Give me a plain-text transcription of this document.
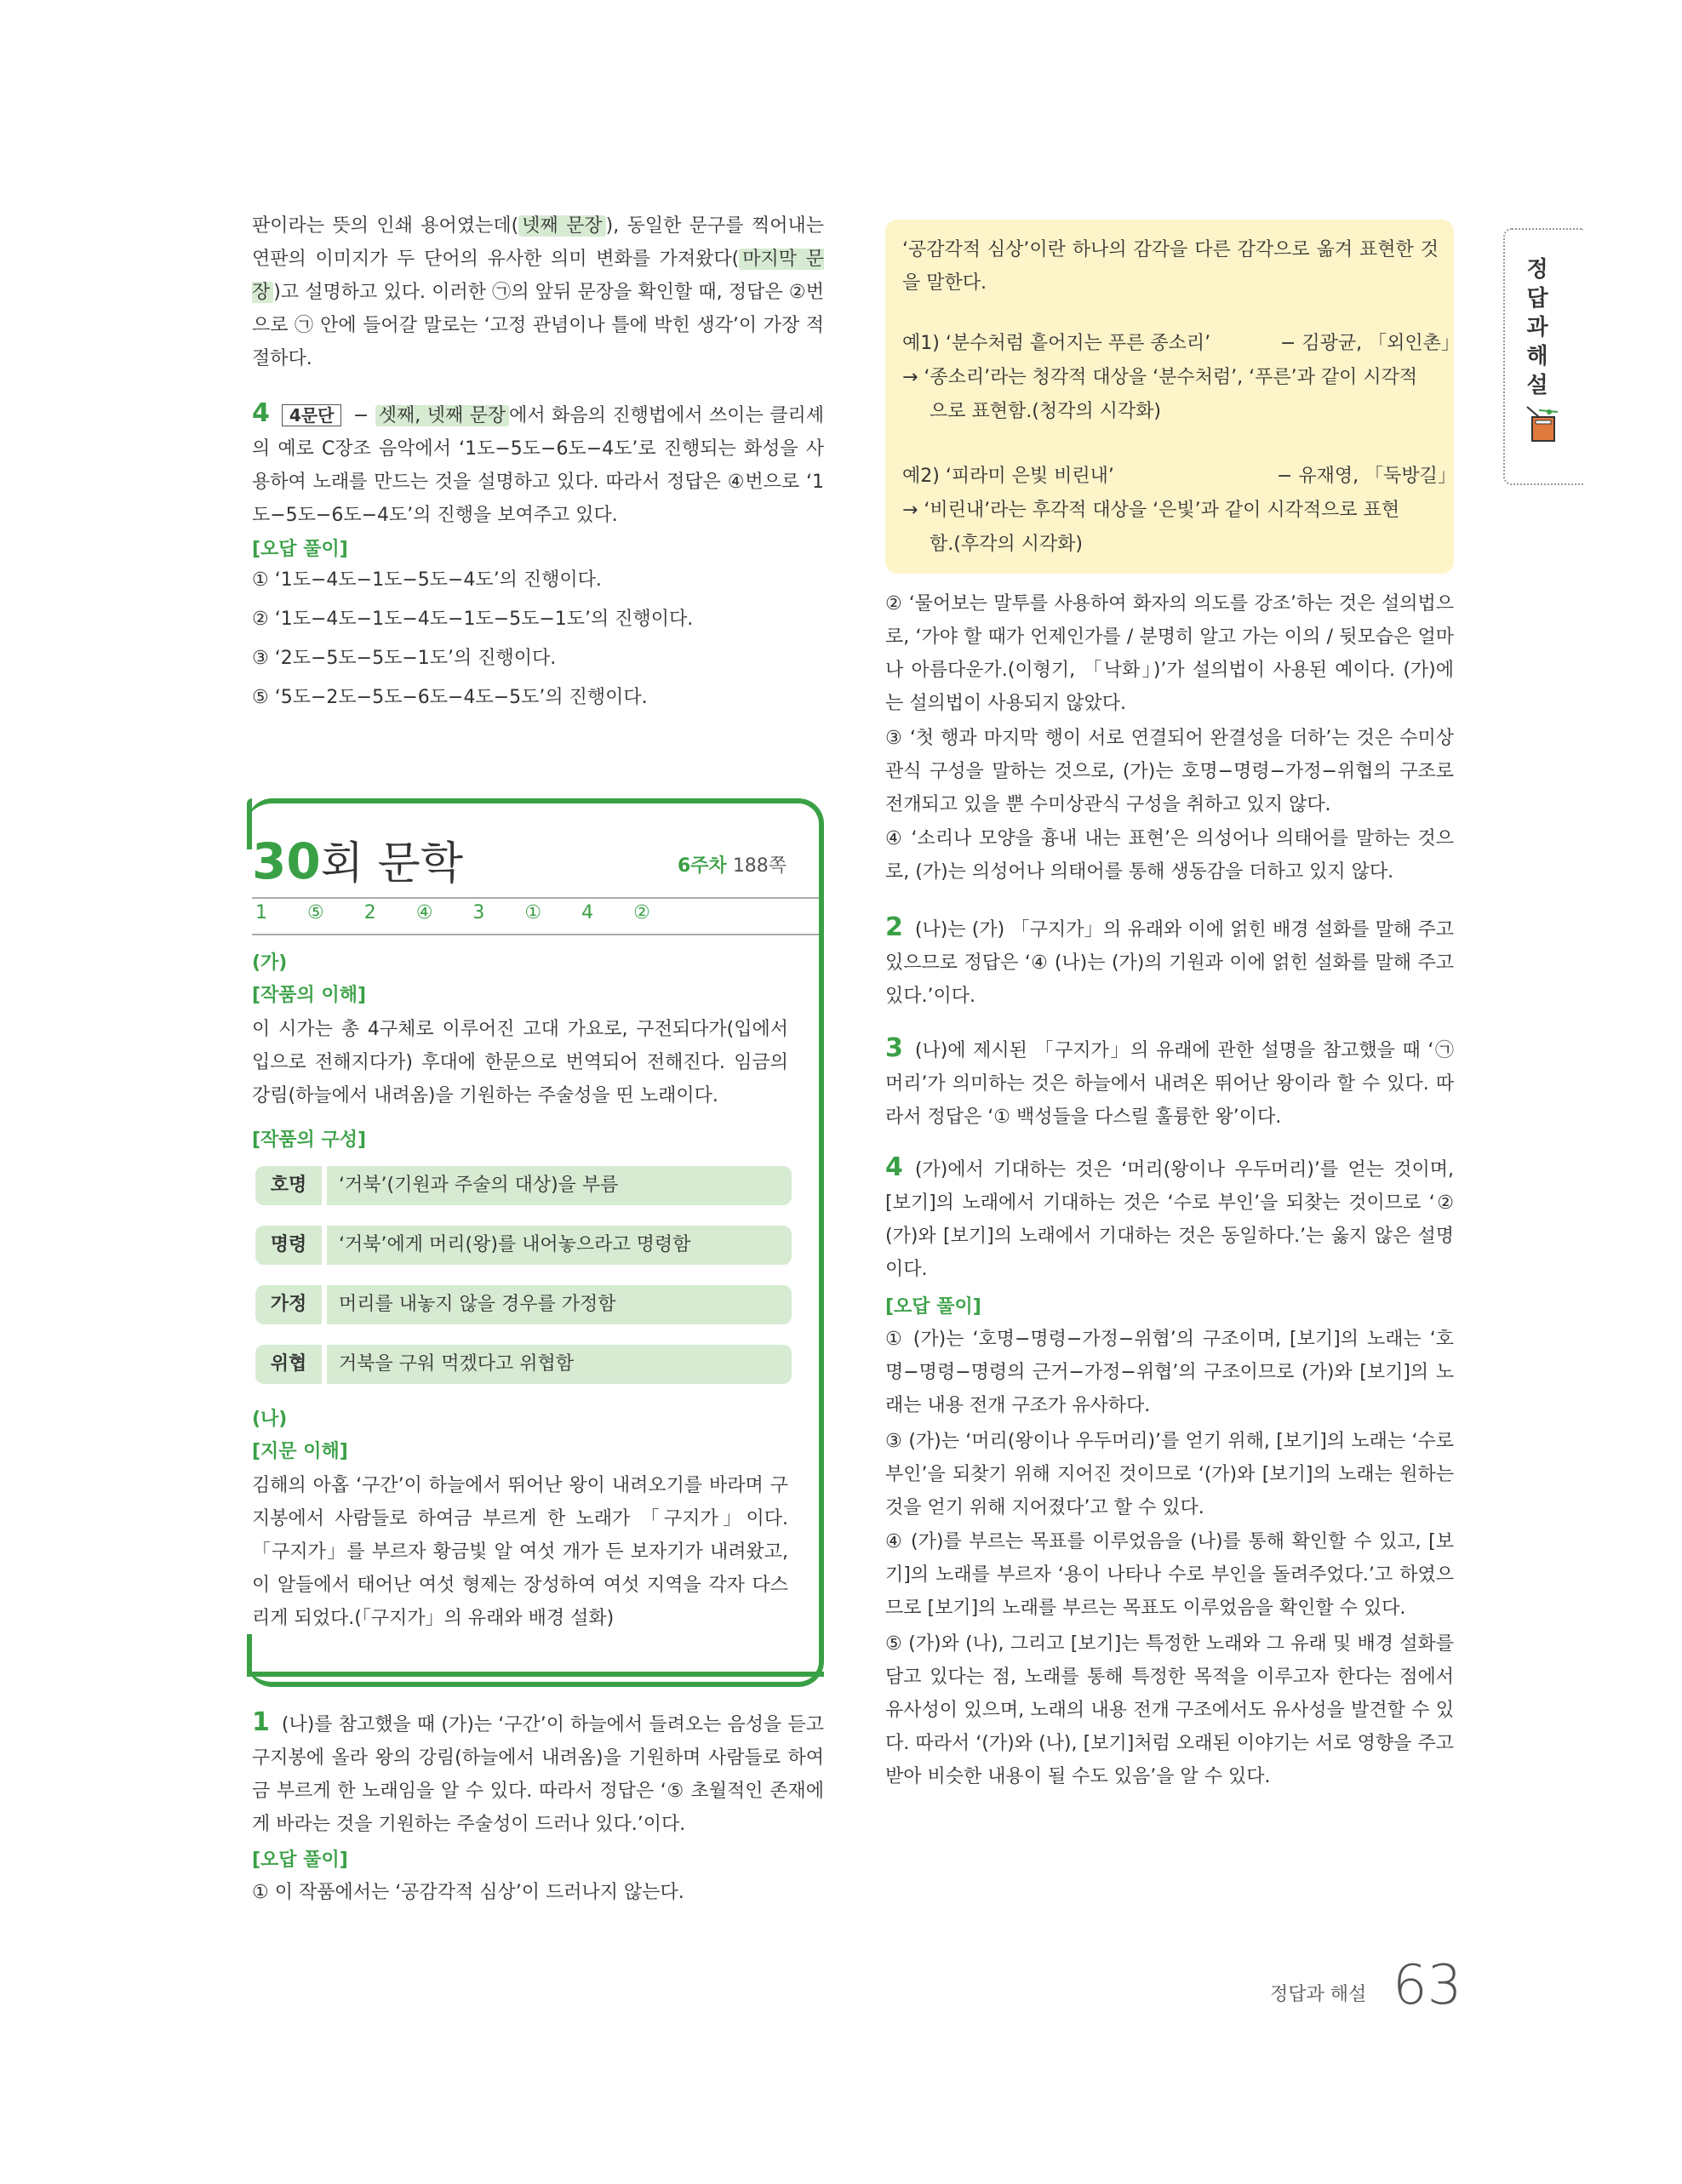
판이라는 뜻의 인쇄 용어였는데( 넷째 문장 ), 동일한 문구를 찍어내는 연판의 이미지가 두 단어의 유사한 의미 변화를 가져왔다( 마지막 문장 )고 설명하고 있다. 이러한 ㉠의 앞뒤 문장을 확인할 때, 정답은 ②번으로 ㉠ 안에 들어갈 말로는 ‘고정 관념이나 틀에 박힌 생각’이 가장 적절하다.

4 4문단 − 셋째, 넷째 문장 에서 화음의 진행법에서 쓰이는 클리셰의 예로 C장조 음악에서 ‘1도−5도−6도−4도’로 진행되는 화성을 사용하여 노래를 만드는 것을 설명하고 있다. 따라서 정답은 ④번으로 ‘1도−5도−6도−4도’의 진행을 보여주고 있다.

[오답 풀이]
① ‘1도−4도−1도−5도−4도’의 진행이다.
② ‘1도−4도−1도−4도−1도−5도−1도’의 진행이다.
③ ‘2도−5도−5도−1도’의 진행이다.
⑤ ‘5도−2도−5도−6도−4도−5도’의 진행이다.
30회 문학	6주차 188쪽
1 ⑤ 2 ④ 3 ① 4 ②
(가)
[작품의 이해]

이 시가는 총 4구체로 이루어진 고대 가요로, 구전되다가(입에서 입으로 전해지다가) 후대에 한문으로 번역되어 전해진다. 임금의 강림(하늘에서 내려옴)을 기원하는 주술성을 띤 노래이다.

[작품의 구성]
호명	‘거북’(기원과 주술의 대상)을 부름
명령	‘거북’에게 머리(왕)를 내어놓으라고 명령함
가정	머리를 내놓지 않을 경우를 가정함
위협	거북을 구워 먹겠다고 위협함
(나)
[지문 이해]

김해의 아홉 ‘구간’이 하늘에서 뛰어난 왕이 내려오기를 바라며 구지봉에서 사람들로 하여금 부르게 한 노래가 「구지가」이다. 「구지가」를 부르자 황금빛 알 여섯 개가 든 보자기가 내려왔고, 이 알들에서 태어난 여섯 형제는 장성하여 여섯 지역을 각자 다스리게 되었다.(「구지가」의 유래와 배경 설화)

1 (나)를 참고했을 때 (가)는 ‘구간’이 하늘에서 들려오는 음성을 듣고 구지봉에 올라 왕의 강림(하늘에서 내려옴)을 기원하며 사람들로 하여금 부르게 한 노래임을 알 수 있다. 따라서 정답은 ‘⑤ 초월적인 존재에게 바라는 것을 기원하는 주술성이 드러나 있다.’이다.

[오답 풀이]
① 이 작품에서는 ‘공감각적 심상’이 드러나지 않는다.

‘공감각적 심상’이란 하나의 감각을 다른 감각으로 옮겨 표현한 것을 말한다.

예1) ‘분수처럼 흩어지는 푸른 종소리’	− 김광균, 「외인촌」
→ ‘종소리’라는 청각적 대상을 ‘분수처럼’, ‘푸른’과 같이 시각적
으로 표현함.(청각의 시각화)
예2) ‘피라미 은빛 비린내’	− 유재영, 「둑방길」
→ ‘비린내’라는 후각적 대상을 ‘은빛’과 같이 시각적으로 표현
함.(후각의 시각화)

② ‘물어보는 말투를 사용하여 화자의 의도를 강조’하는 것은 설의법으로, ‘가야 할 때가 언제인가를 / 분명히 알고 가는 이의 / 뒷모습은 얼마나 아름다운가.(이형기, 「낙화」)’가 설의법이 사용된 예이다. (가)에는 설의법이 사용되지 않았다.

③ ‘첫 행과 마지막 행이 서로 연결되어 완결성을 더하’는 것은 수미상관식 구성을 말하는 것으로, (가)는 호명−명령−가정−위협의 구조로 전개되고 있을 뿐 수미상관식 구성을 취하고 있지 않다.

④ ‘소리나 모양을 흉내 내는 표현’은 의성어나 의태어를 말하는 것으로, (가)는 의성어나 의태어를 통해 생동감을 더하고 있지 않다.

2 (나)는 (가) 「구지가」의 유래와 이에 얽힌 배경 설화를 말해 주고 있으므로 정답은 ‘④ (나)는 (가)의 기원과 이에 얽힌 설화를 말해 주고 있다.’이다.

3 (나)에 제시된 「구지가」의 유래에 관한 설명을 참고했을 때 ‘㉠머리’가 의미하는 것은 하늘에서 내려온 뛰어난 왕이라 할 수 있다. 따라서 정답은 ‘① 백성들을 다스릴 훌륭한 왕’이다.

4 (가)에서 기대하는 것은 ‘머리(왕이나 우두머리)’를 얻는 것이며, [보기]의 노래에서 기대하는 것은 ‘수로 부인’을 되찾는 것이므로 ‘② (가)와 [보기]의 노래에서 기대하는 것은 동일하다.’는 옳지 않은 설명이다.

[오답 풀이]

① (가)는 ‘호명−명령−가정−위협’의 구조이며, [보기]의 노래는 ‘호명−명령−명령의 근거−가정−위협’의 구조이므로 (가)와 [보기]의 노래는 내용 전개 구조가 유사하다.

③ (가)는 ‘머리(왕이나 우두머리)’를 얻기 위해, [보기]의 노래는 ‘수로 부인’을 되찾기 위해 지어진 것이므로 ‘(가)와 [보기]의 노래는 원하는 것을 얻기 위해 지어졌다’고 할 수 있다.

④ (가)를 부르는 목표를 이루었음을 (나)를 통해 확인할 수 있고, [보기]의 노래를 부르자 ‘용이 나타나 수로 부인을 돌려주었다.’고 하였으므로 [보기]의 노래를 부르는 목표도 이루었음을 확인할 수 있다.

⑤ (가)와 (나), 그리고 [보기]는 특정한 노래와 그 유래 및 배경 설화를 담고 있다는 점, 노래를 통해 특정한 목적을 이루고자 한다는 점에서 유사성이 있으며, 노래의 내용 전개 구조에서도 유사성을 발견할 수 있다. 따라서 ‘(가)와 (나), [보기]처럼 오래된 이야기는 서로 영향을 주고받아 비슷한 내용이 될 수도 있음’을 알 수 있다.

정답과해설
정답과 해설 63
